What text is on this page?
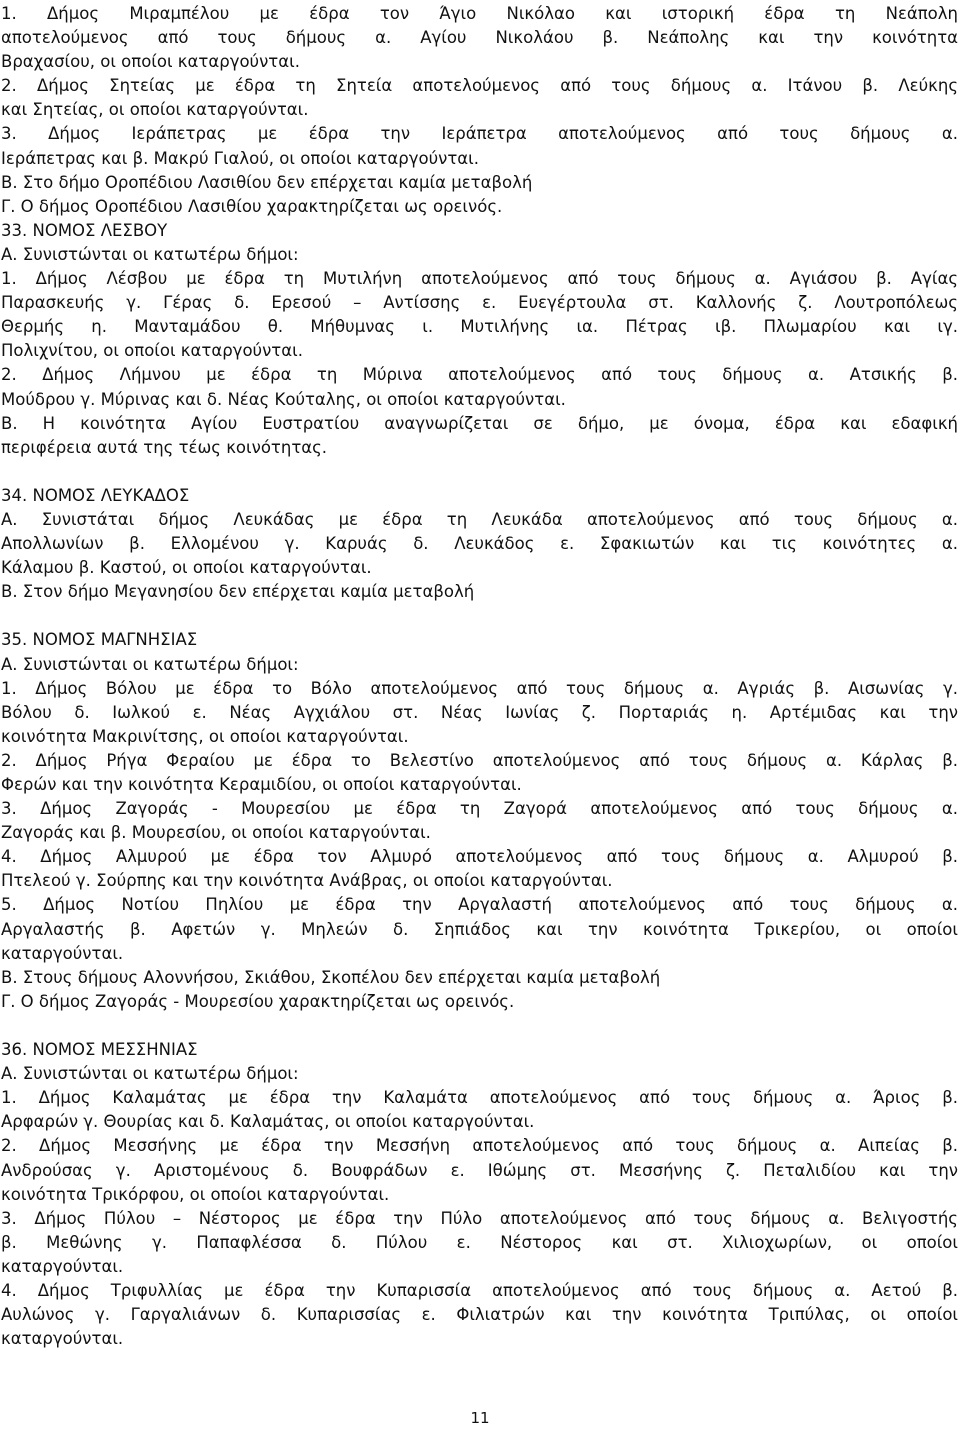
1. Δήμος Μιραμπέλου με έδρα τον Άγιο Νικόλαο και ιστορική έδρα τη Νεάπολη
αποτελούμενος από τους δήμους α. Αγίου Νικολάου β. Νεάπολης και την κοινότητα
Βραχασίου, οι οποίοι καταργούνται.
2. Δήμος Σητείας με έδρα τη Σητεία αποτελούμενος από τους δήμους α. Ιτάνου β. Λεύκης
και Σητείας, οι οποίοι καταργούνται.
3. Δήμος Ιεράπετρας με έδρα την Ιεράπετρα αποτελούμενος από τους δήμους α.
Ιεράπετρας και β. Μακρύ Γιαλού, οι οποίοι καταργούνται.
Β. Στο δήμο Οροπέδιου Λασιθίου δεν επέρχεται καμία μεταβολή
Γ. Ο δήμος Οροπέδιου Λασιθίου χαρακτηρίζεται ως ορεινός.
33. ΝΟΜΟΣ ΛΕΣΒΟΥ
Α. Συνιστώνται οι κατωτέρω δήμοι:
1. Δήμος Λέσβου με έδρα τη Μυτιλήνη αποτελούμενος από τους δήμους α. Αγιάσου β. Αγίας
Παρασκευής γ. Γέρας δ. Ερεσού – Αντίσσης ε. Ευεγέρτουλα στ. Καλλονής ζ. Λουτροπόλεως
Θερμής η. Μανταμάδου θ. Μήθυμνας ι. Μυτιλήνης ια. Πέτρας ιβ. Πλωμαρίου και ιγ.
Πολιχνίτου, οι οποίοι καταργούνται.
2. Δήμος Λήμνου με έδρα τη Μύρινα αποτελούμενος από τους δήμους α. Ατσικής β.
Μούδρου γ. Μύρινας και δ. Νέας Κούταλης, οι οποίοι καταργούνται.
Β. Η κοινότητα Αγίου Ευστρατίου αναγνωρίζεται σε δήμο, με όνομα, έδρα και εδαφική
περιφέρεια αυτά της τέως κοινότητας.
34. ΝΟΜΟΣ ΛΕΥΚΑΔΟΣ
Α. Συνιστάται δήμος Λευκάδας με έδρα τη Λευκάδα αποτελούμενος από τους δήμους α.
Απολλωνίων β. Ελλομένου γ. Καρυάς δ. Λευκάδος ε. Σφακιωτών και τις κοινότητες α.
Κάλαμου β. Καστού, οι οποίοι καταργούνται.
Β. Στον δήμο Μεγανησίου δεν επέρχεται καμία μεταβολή
35. ΝΟΜΟΣ ΜΑΓΝΗΣΙΑΣ
Α. Συνιστώνται οι κατωτέρω δήμοι:
1. Δήμος Βόλου με έδρα το Βόλο αποτελούμενος από τους δήμους α. Αγριάς β. Αισωνίας γ.
Βόλου δ. Ιωλκού ε. Νέας Αγχιάλου στ. Νέας Ιωνίας ζ. Πορταριάς η. Αρτέμιδας και την
κοινότητα Μακρινίτσης, οι οποίοι καταργούνται.
2. Δήμος Ρήγα Φεραίου με έδρα το Βελεστίνο αποτελούμενος από τους δήμους α. Κάρλας β.
Φερών και την κοινότητα Κεραμιδίου, οι οποίοι καταργούνται.
3. Δήμος Ζαγοράς - Μουρεσίου με έδρα τη Ζαγορά αποτελούμενος από τους δήμους α.
Ζαγοράς και β. Μουρεσίου, οι οποίοι καταργούνται.
4. Δήμος Αλμυρού με έδρα τον Αλμυρό αποτελούμενος από τους δήμους α. Αλμυρού β.
Πτελεού γ. Σούρπης και την κοινότητα Ανάβρας, οι οποίοι καταργούνται.
5. Δήμος Νοτίου Πηλίου με έδρα την Αργαλαστή αποτελούμενος από τους δήμους α.
Αργαλαστής β. Αφετών γ. Μηλεών δ. Σηπιάδος και την κοινότητα Τρικερίου, οι οποίοι
καταργούνται.
Β. Στους δήμους Αλοννήσου, Σκιάθου, Σκοπέλου δεν επέρχεται καμία μεταβολή
Γ. Ο δήμος Ζαγοράς - Μουρεσίου χαρακτηρίζεται ως ορεινός.
36. ΝΟΜΟΣ ΜΕΣΣΗΝΙΑΣ
Α. Συνιστώνται οι κατωτέρω δήμοι:
1. Δήμος Καλαμάτας με έδρα την Καλαμάτα αποτελούμενος από τους δήμους α. Άριος β.
Αρφαρών γ. Θουρίας και δ. Καλαμάτας, οι οποίοι καταργούνται.
2. Δήμος Μεσσήνης με έδρα την Μεσσήνη αποτελούμενος από τους δήμους α. Αιπείας β.
Ανδρούσας γ. Αριστομένους δ. Βουφράδων ε. Ιθώμης στ. Μεσσήνης ζ. Πεταλιδίου και την
κοινότητα Τρικόρφου, οι οποίοι καταργούνται.
3. Δήμος Πύλου – Νέστορος με έδρα την Πύλο αποτελούμενος από τους δήμους α. Βελιγοστής
β. Μεθώνης γ. Παπαφλέσσα δ. Πύλου ε. Νέστορος και στ. Χιλιοχωρίων, οι οποίοι
καταργούνται.
4. Δήμος Τριφυλλίας με έδρα την Κυπαρισσία αποτελούμενος από τους δήμους α. Αετού β.
Αυλώνος γ. Γαργαλιάνων δ. Κυπαρισσίας ε. Φιλιατρών και την κοινότητα Τριπύλας, οι οποίοι
καταργούνται.
11
